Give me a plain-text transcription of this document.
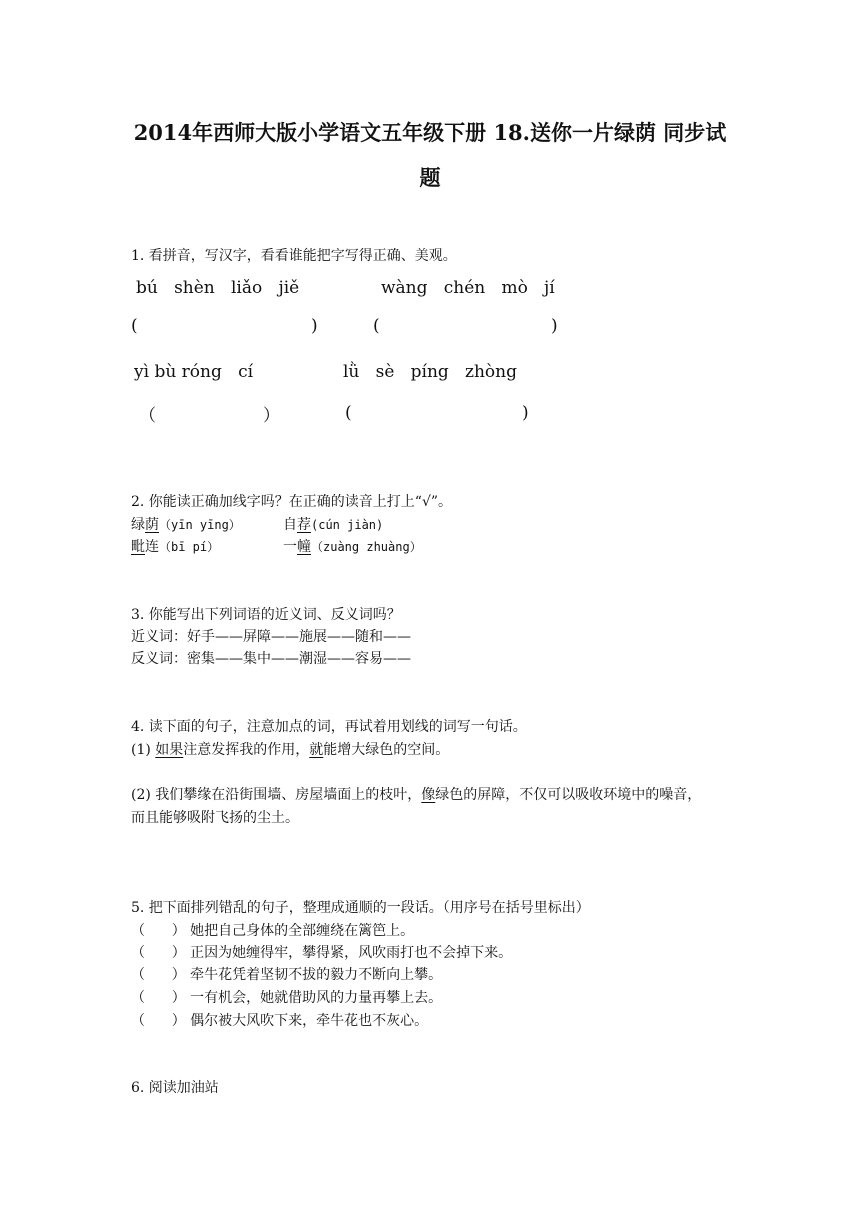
2014年西师大版小学语文五年级下册 18.送你一片绿荫 同步试
题
1. 看拼音，写汉字，看看谁能把字写得正确、美观。
bú shèn liǎo jiě	wàng chén mò jí
(	)	(	)
yì bù róng cí	lǜ sè píng zhòng
（	）	(	)
2. 你能读正确加线字吗？在正确的读音上打上“√”。
绿荫（yīn yīng）	自荐(cún jiàn)
毗连（bī pí）	一幢（zuàng zhuàng）
3. 你能写出下列词语的近义词、反义词吗？
近义词：好手——屏障——施展——随和——
反义词：密集——集中——潮湿——容易——
4. 读下面的句子，注意加点的词，再试着用划线的词写一句话。
(1) 如果注意发挥我的作用，就能增大绿色的空间。
(2) 我们攀缘在沿街围墙、房屋墙面上的枝叶，像绿色的屏障，不仅可以吸收环境中的噪音，
而且能够吸附飞扬的尘土。
5. 把下面排列错乱的句子，整理成通顺的一段话。（用序号在括号里标出）
（      ） 她把自己身体的全部缠绕在篱笆上。
（      ） 正因为她缠得牢，攀得紧，风吹雨打也不会掉下来。
（      ） 牵牛花凭着坚韧不拔的毅力不断向上攀。
（      ） 一有机会，她就借助风的力量再攀上去。
（      ） 偶尔被大风吹下来，牵牛花也不灰心。
6. 阅读加油站
